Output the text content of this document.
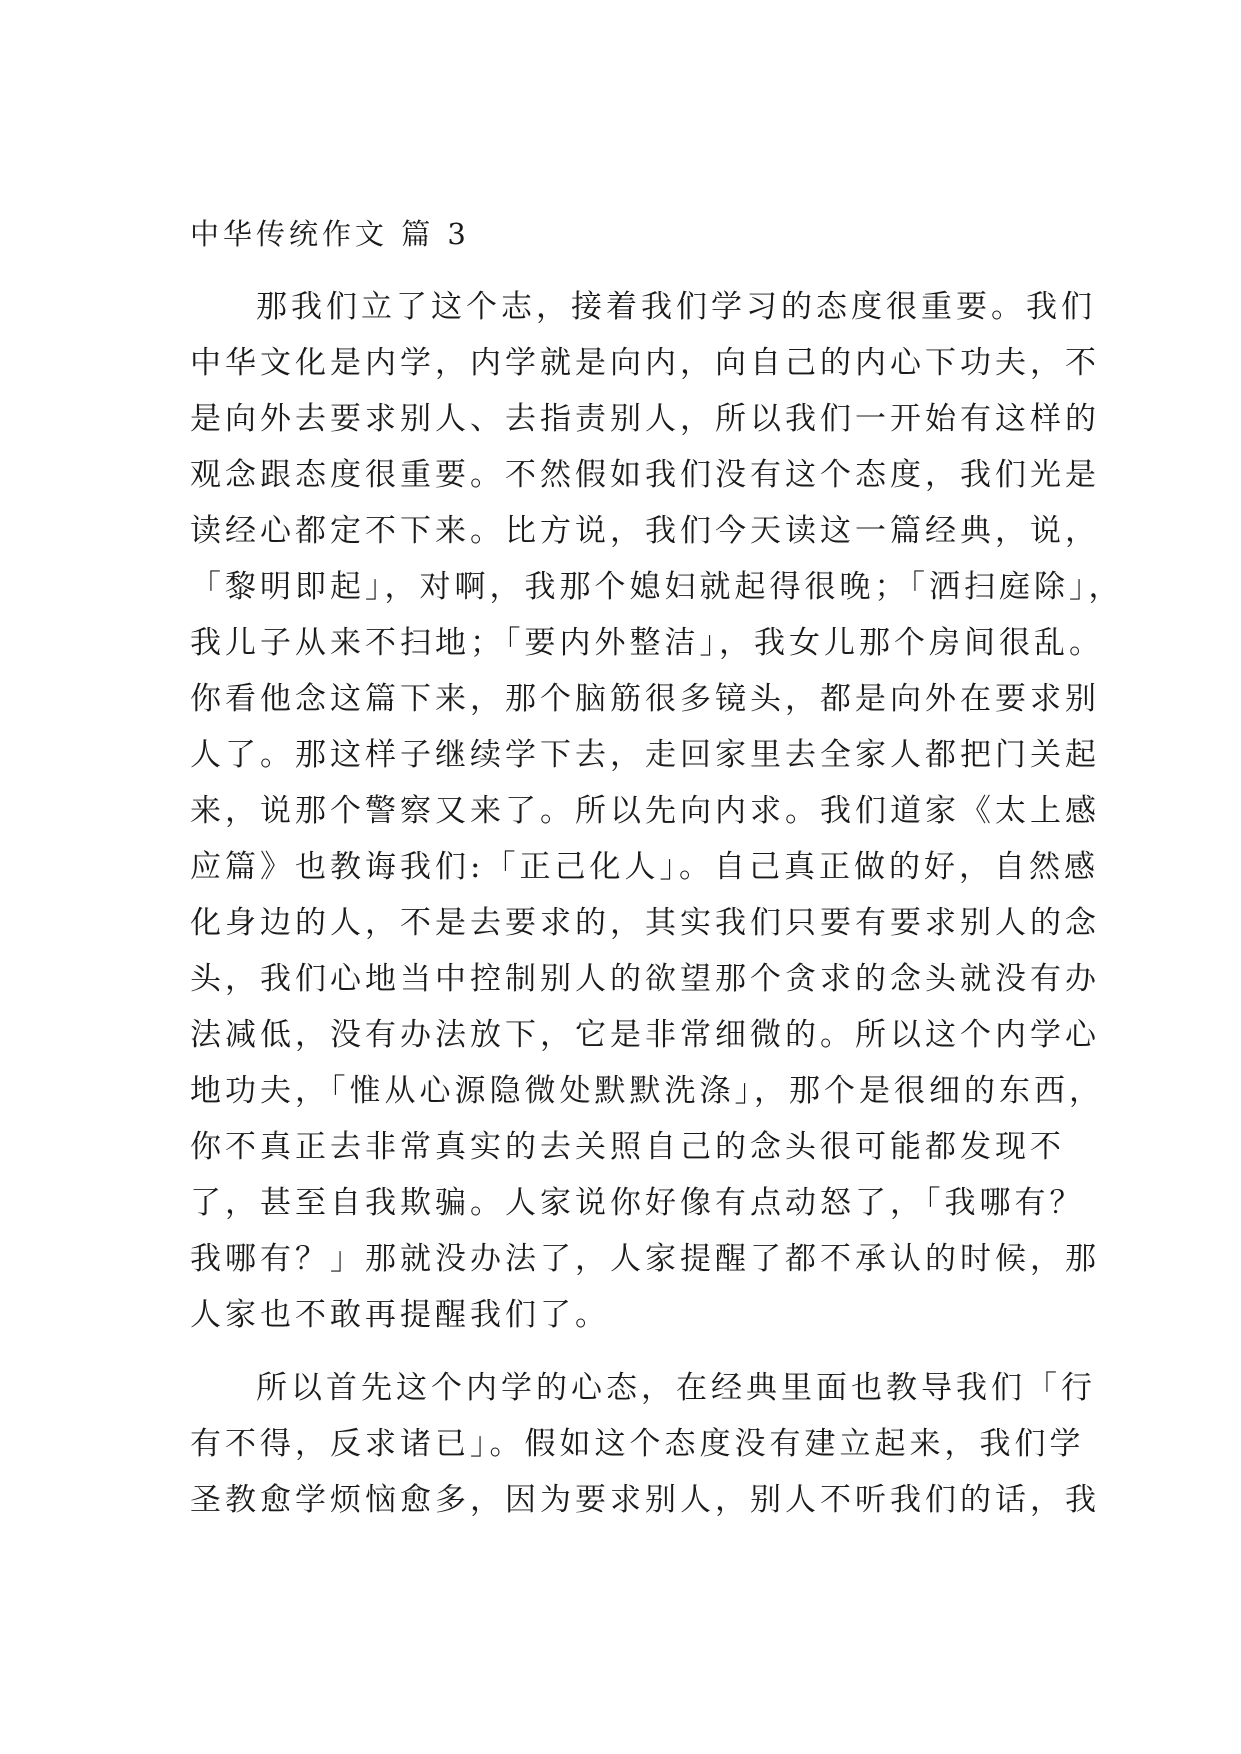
中华传统作文 篇 3

那我们立了这个志，接着我们学习的态度很重要。我们
中华文化是内学，内学就是向内，向自己的内心下功夫，不
是向外去要求别人、去指责别人，所以我们一开始有这样的
观念跟态度很重要。不然假如我们没有这个态度，我们光是
读经心都定不下来。比方说，我们今天读这一篇经典，说，
「黎明即起」，对啊，我那个媳妇就起得很晚；「洒扫庭除」，
我儿子从来不扫地；「要内外整洁」，我女儿那个房间很乱。
你看他念这篇下来，那个脑筋很多镜头，都是向外在要求别
人了。那这样子继续学下去，走回家里去全家人都把门关起
来，说那个警察又来了。所以先向内求。我们道家《太上感
应篇》也教诲我们:「正己化人」。自己真正做的好，自然感
化身边的人，不是去要求的，其实我们只要有要求别人的念
头，我们心地当中控制别人的欲望那个贪求的念头就没有办
法减低，没有办法放下，它是非常细微的。所以这个内学心
地功夫，「惟从心源隐微处默默洗涤」，那个是很细的东西，
你不真正去非常真实的去关照自己的念头很可能都发现不
了，甚至自我欺骗。人家说你好像有点动怒了，「我哪有？
我哪有？」那就没办法了，人家提醒了都不承认的时候，那
人家也不敢再提醒我们了。

所以首先这个内学的心态，在经典里面也教导我们「行
有不得，反求诸已」。假如这个态度没有建立起来，我们学
圣教愈学烦恼愈多，因为要求别人，别人不听我们的话，我
